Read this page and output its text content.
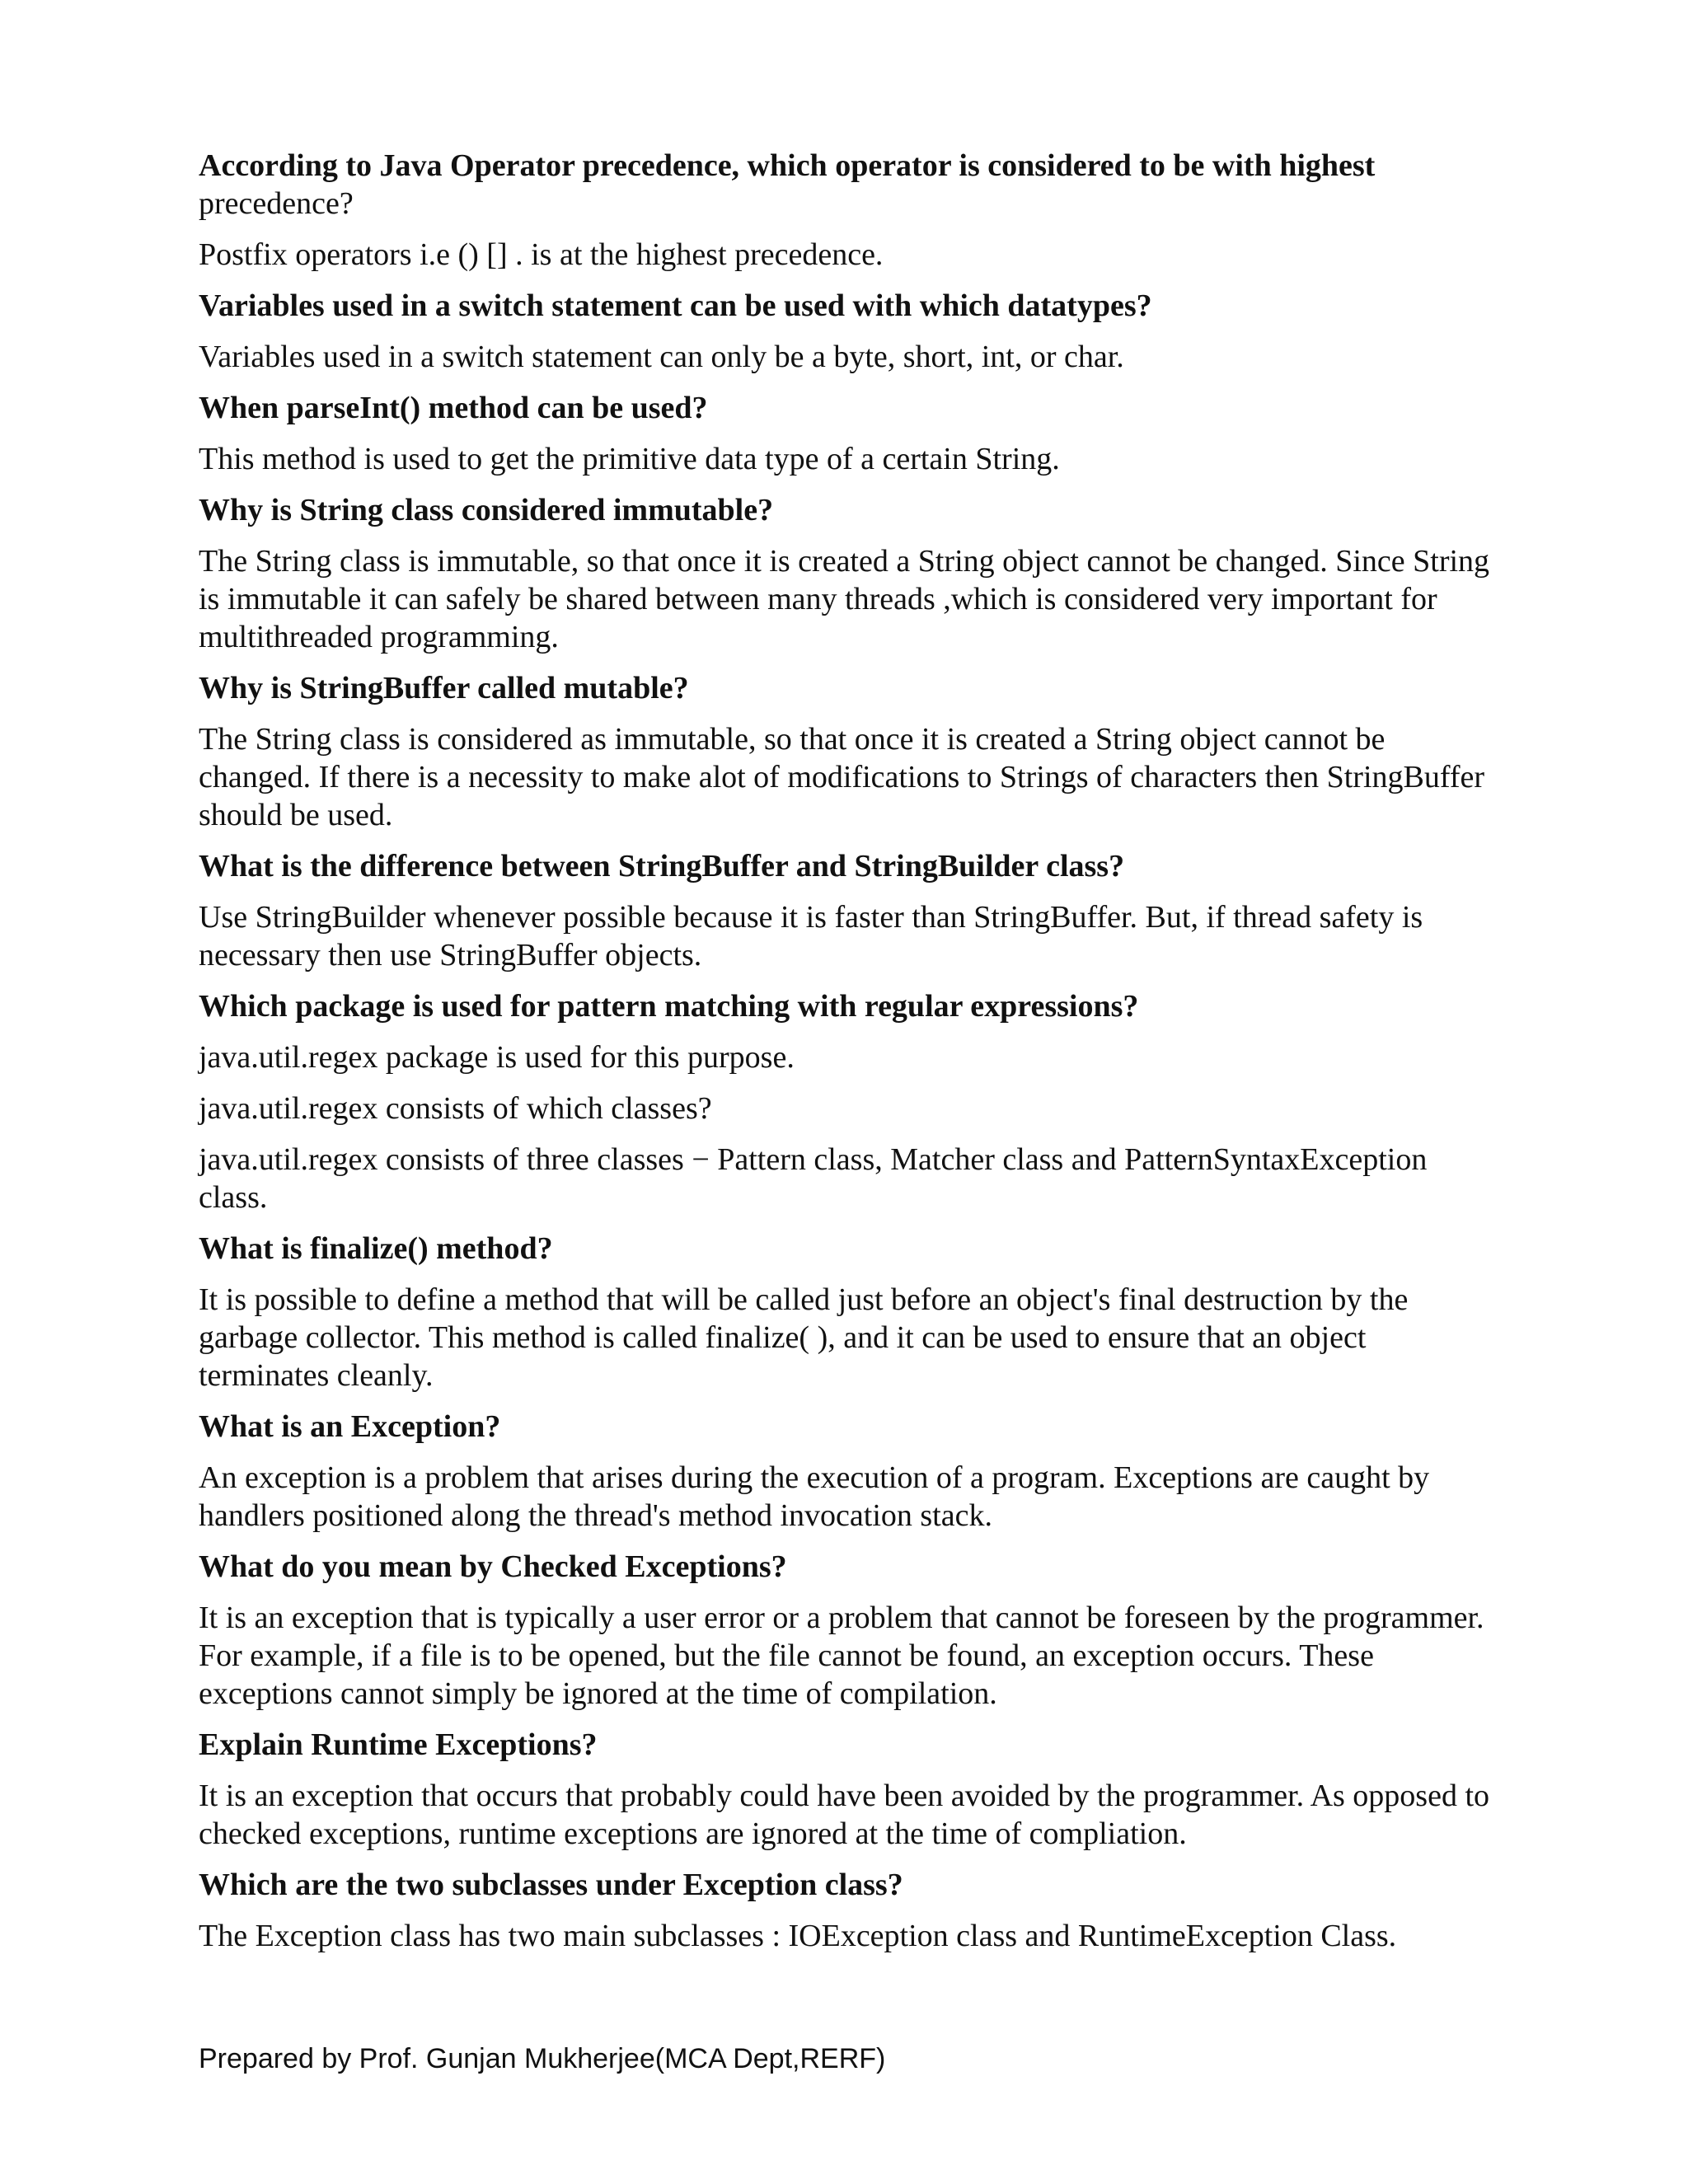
According to Java Operator precedence, which operator is considered to be with highest
precedence?

Postfix operators i.e () [] . is at the highest precedence.

Variables used in a switch statement can be used with which datatypes?

Variables used in a switch statement can only be a byte, short, int, or char.

When parseInt() method can be used?

This method is used to get the primitive data type of a certain String.

Why is String class considered immutable?

The String class is immutable, so that once it is created a String object cannot be changed. Since String is immutable it can safely be shared between many threads ,which is considered very important for multithreaded programming.

Why is StringBuffer called mutable?

The String class is considered as immutable, so that once it is created a String object cannot be changed. If there is a necessity to make alot of modifications to Strings of characters then StringBuffer should be used.

What is the difference between StringBuffer and StringBuilder class?

Use StringBuilder whenever possible because it is faster than StringBuffer. But, if thread safety is necessary then use StringBuffer objects.

Which package is used for pattern matching with regular expressions?

java.util.regex package is used for this purpose.

java.util.regex consists of which classes?

java.util.regex consists of three classes − Pattern class, Matcher class and PatternSyntaxException class.

What is finalize() method?

It is possible to define a method that will be called just before an object's final destruction by the garbage collector. This method is called finalize( ), and it can be used to ensure that an object terminates cleanly.

What is an Exception?

An exception is a problem that arises during the execution of a program. Exceptions are caught by handlers positioned along the thread's method invocation stack.

What do you mean by Checked Exceptions?

It is an exception that is typically a user error or a problem that cannot be foreseen by the programmer. For example, if a file is to be opened, but the file cannot be found, an exception occurs. These exceptions cannot simply be ignored at the time of compilation.

Explain Runtime Exceptions?

It is an exception that occurs that probably could have been avoided by the programmer. As opposed to checked exceptions, runtime exceptions are ignored at the time of compliation.

Which are the two subclasses under Exception class?

The Exception class has two main subclasses : IOException class and RuntimeException Class.

Prepared by Prof. Gunjan Mukherjee(MCA Dept,RERF)
